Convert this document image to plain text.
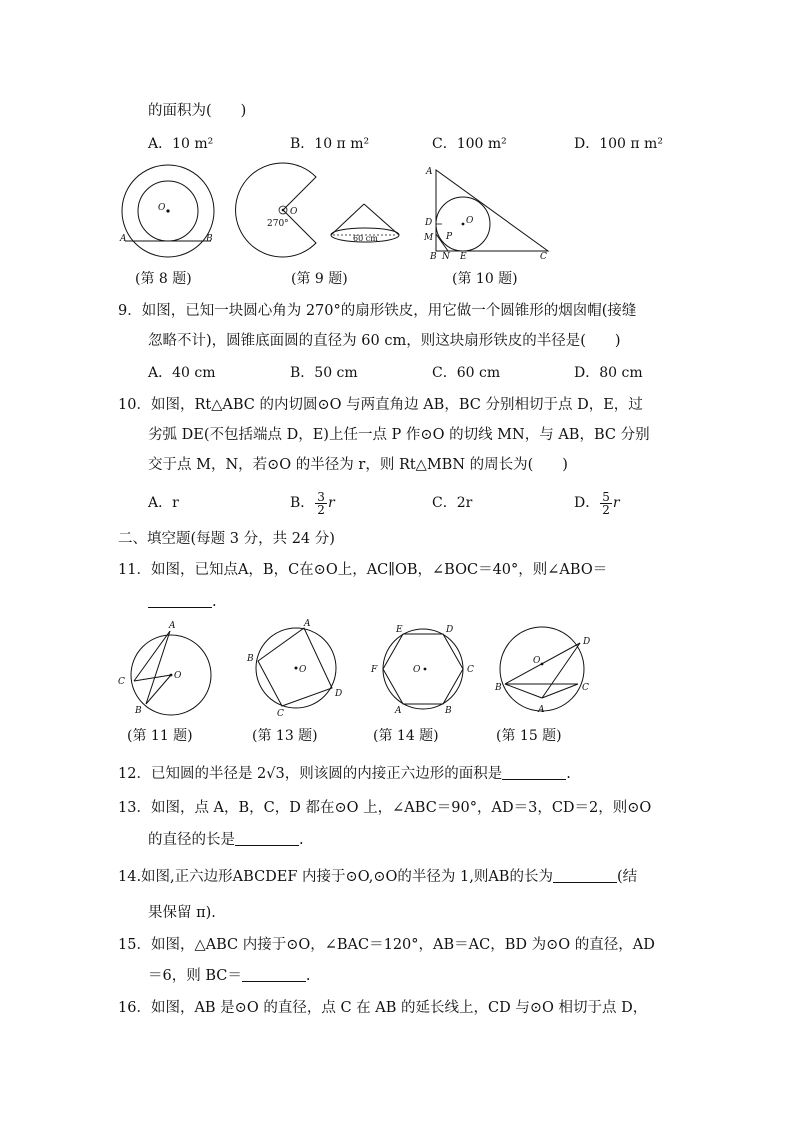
的面积为(　　)
A．10 m²	B．10 π m²	C．100 m²	D．100 π m²
O
A	B
O
270°
60 cm
A
D
M P
B N E	C
O
(第 8 题)	(第 9 题)	(第 10 题)
9．如图，已知一块圆心角为 270°的扇形铁皮，用它做一个圆锥形的烟囱帽(接缝
忽略不计)，圆锥底面圆的直径为 60 cm，则这块扇形铁皮的半径是(　　)
A．40 cm	B．50 cm	C．60 cm	D．80 cm
10．如图，Rt△ABC 的内切圆⊙O 与两直角边 AB，BC 分别相切于点 D，E，过
劣弧 DE(不包括端点 D，E)上任一点 P 作⊙O 的切线 MN，与 AB，BC 分别
交于点 M，N，若⊙O 的半径为 r，则 Rt△MBN 的周长为(　　)
A．r	B． $\frac{3}{2}$ r	C．2r	D． $\frac{5}{2}$ r
二、填空题(每题 3 分，共 24 分)
11．如图，已知点A，B，C在⊙O上，AC∥OB，∠BOC＝40°，则∠ABO＝
.
A
C
O
B
A
B
O
C
D
E	D
F	O	C
A	B
D
O
B	C
A
(第 11 题)	(第 13 题)	(第 14 题)	(第 15 题)
12．已知圆的半径是 2√3，则该圆的内接正六边形的面积是	.
13．如图，点 A，B，C，D 都在⊙O 上，∠ABC＝90°，AD＝3，CD＝2，则⊙O
的直径的长是	.
14.如图,正六边形ABCDEF 内接于⊙O,⊙O的半径为 1,则AB的长为	(结
果保留 π).
15．如图，△ABC 内接于⊙O，∠BAC＝120°，AB＝AC，BD 为⊙O 的直径，AD
＝6，则 BC＝	.
16．如图，AB 是⊙O 的直径，点 C 在 AB 的延长线上，CD 与⊙O 相切于点 D，
